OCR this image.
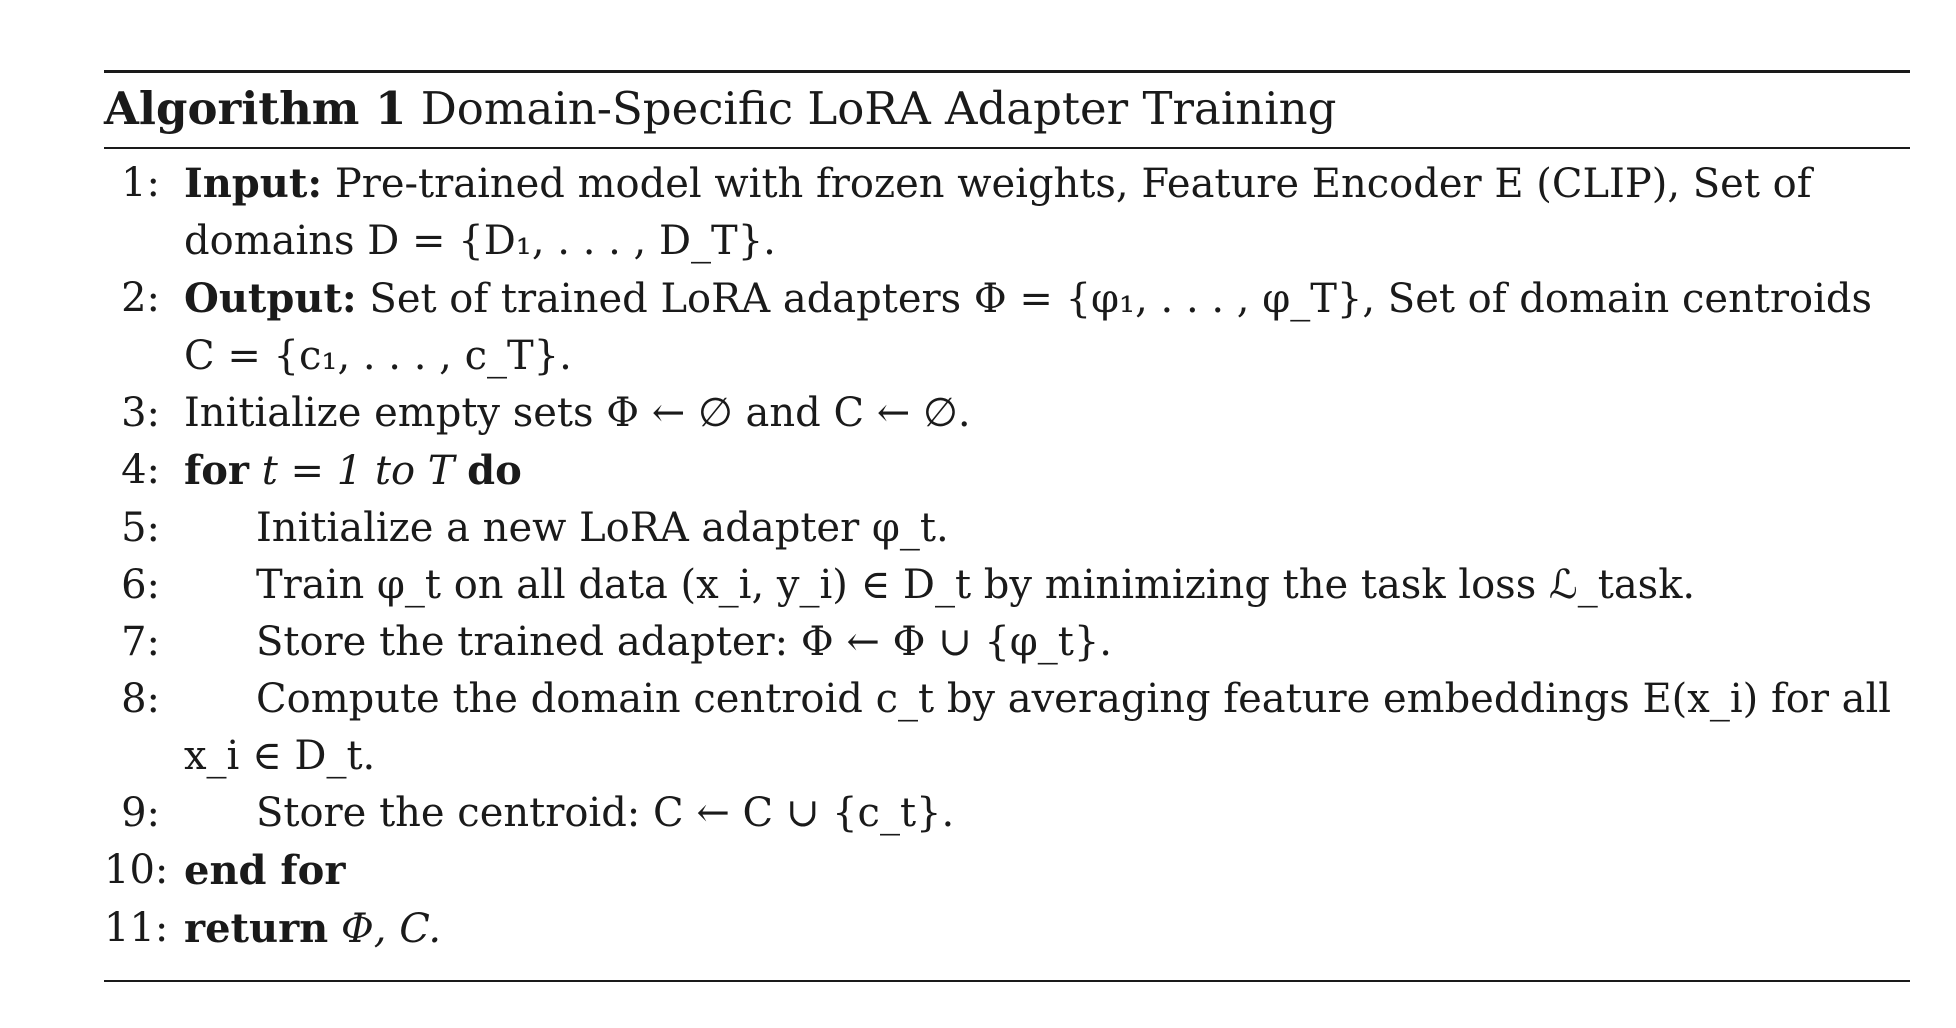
Algorithm 1 Domain-Specific LoRA Adapter Training
1: Input: Pre-trained model with frozen weights, Feature Encoder E (CLIP), Set of
domains D = {D₁, . . . , D_T}.
2: Output: Set of trained LoRA adapters Φ = {φ₁, . . . , φ_T}, Set of domain centroids
C = {c₁, . . . , c_T}.
3: Initialize empty sets Φ ← ∅ and C ← ∅.
4: for t = 1 to T do
5:	Initialize a new LoRA adapter φ_t.
6:	Train φ_t on all data (x_i, y_i) ∈ D_t by minimizing the task loss ℒ_task.
7:	Store the trained adapter: Φ ← Φ ∪ {φ_t}.
8:	Compute the domain centroid c_t by averaging feature embeddings E(x_i) for all
x_i ∈ D_t.
9:	Store the centroid: C ← C ∪ {c_t}.
10: end for
11: return Φ, C.
